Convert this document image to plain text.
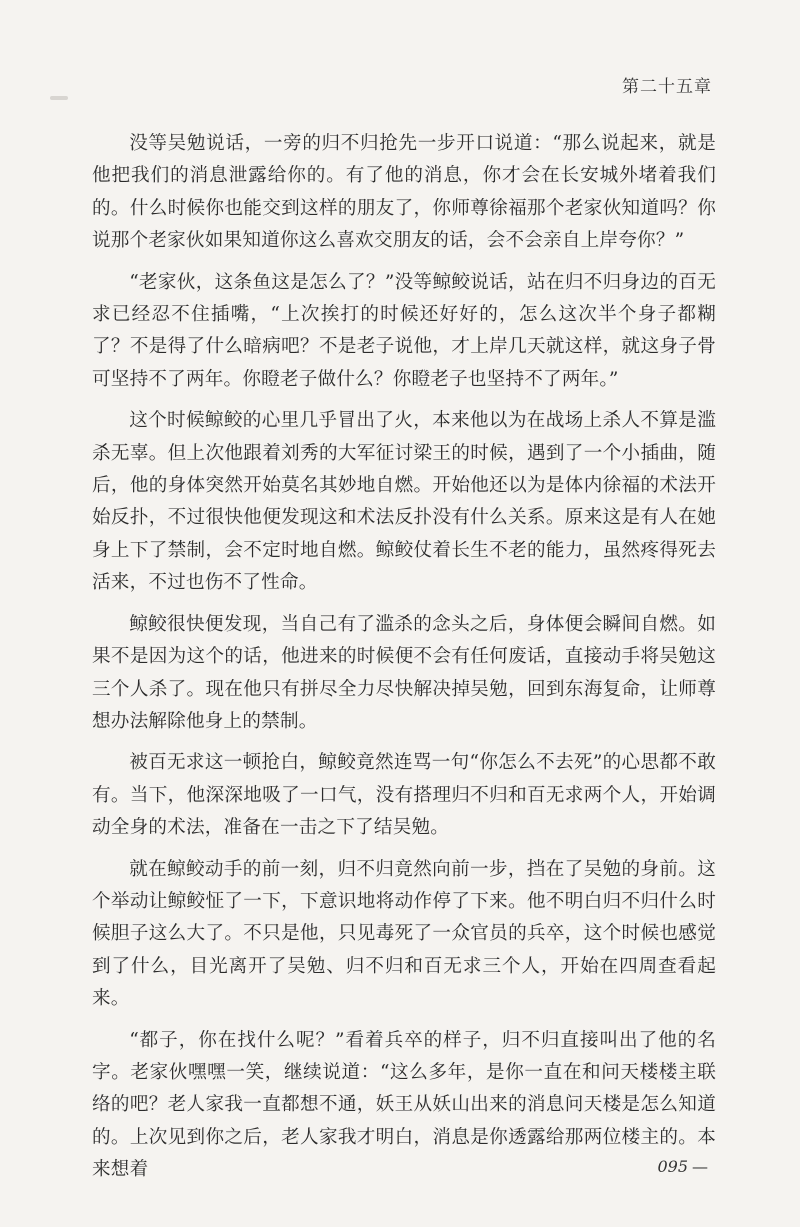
第二十五章

没等吴勉说话，一旁的归不归抢先一步开口说道：“那么说起来，就是他把我们的消息泄露给你的。有了他的消息，你才会在长安城外堵着我们的。什么时候你也能交到这样的朋友了，你师尊徐福那个老家伙知道吗？你说那个老家伙如果知道你这么喜欢交朋友的话，会不会亲自上岸夸你？”

“老家伙，这条鱼这是怎么了？”没等鲸鲛说话，站在归不归身边的百无求已经忍不住插嘴，“上次挨打的时候还好好的，怎么这次半个身子都糊了？不是得了什么暗病吧？不是老子说他，才上岸几天就这样，就这身子骨可坚持不了两年。你瞪老子做什么？你瞪老子也坚持不了两年。”

这个时候鲸鲛的心里几乎冒出了火，本来他以为在战场上杀人不算是滥杀无辜。但上次他跟着刘秀的大军征讨梁王的时候，遇到了一个小插曲，随后，他的身体突然开始莫名其妙地自燃。开始他还以为是体内徐福的术法开始反扑，不过很快他便发现这和术法反扑没有什么关系。原来这是有人在她身上下了禁制，会不定时地自燃。鲸鲛仗着长生不老的能力，虽然疼得死去活来，不过也伤不了性命。

鲸鲛很快便发现，当自己有了滥杀的念头之后，身体便会瞬间自燃。如果不是因为这个的话，他进来的时候便不会有任何废话，直接动手将吴勉这三个人杀了。现在他只有拼尽全力尽快解决掉吴勉，回到东海复命，让师尊想办法解除他身上的禁制。

被百无求这一顿抢白，鲸鲛竟然连骂一句“你怎么不去死”的心思都不敢有。当下，他深深地吸了一口气，没有搭理归不归和百无求两个人，开始调动全身的术法，准备在一击之下了结吴勉。

就在鲸鲛动手的前一刻，归不归竟然向前一步，挡在了吴勉的身前。这个举动让鲸鲛怔了一下，下意识地将动作停了下来。他不明白归不归什么时候胆子这么大了。不只是他，只见毒死了一众官员的兵卒，这个时候也感觉到了什么，目光离开了吴勉、归不归和百无求三个人，开始在四周查看起来。

“都子，你在找什么呢？”看着兵卒的样子，归不归直接叫出了他的名字。老家伙嘿嘿一笑，继续说道：“这么多年，是你一直在和问天楼楼主联络的吧？老人家我一直都想不通，妖王从妖山出来的消息问天楼是怎么知道的。上次见到你之后，老人家我才明白，消息是你透露给那两位楼主的。本来想着	095 —
